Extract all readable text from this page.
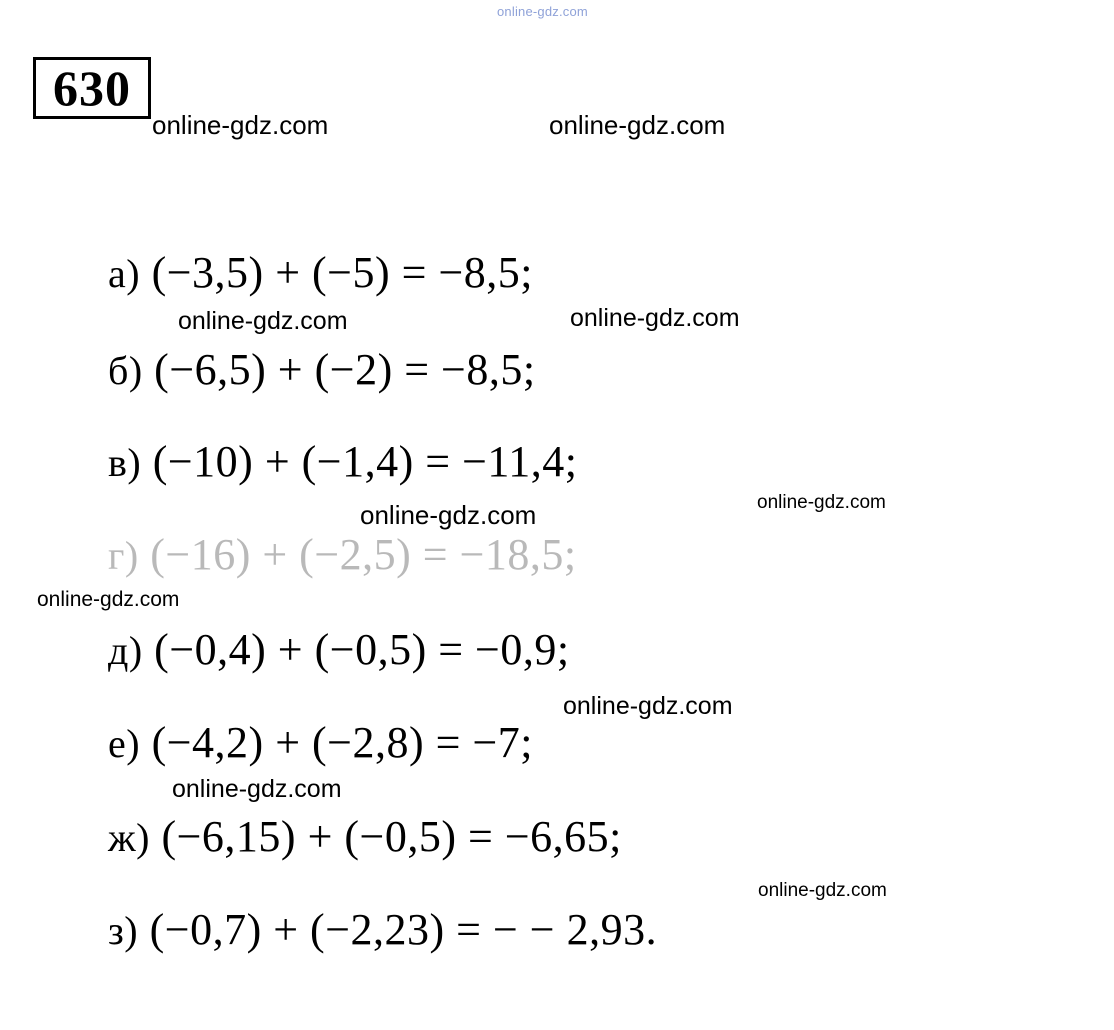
online-gdz.com
630
online-gdz.com	online-gdz.com
online-gdz.com	online-gdz.com
online-gdz.com	online-gdz.com
online-gdz.com
online-gdz.com
online-gdz.com
online-gdz.com
а) (−3,5) + (−5) = −8,5;
б) (−6,5) + (−2) = −8,5;
в) (−10) + (−1,4) = −11,4;
г) (−16) + (−2,5) = −18,5;
д) (−0,4) + (−0,5) = −0,9;
е) (−4,2) + (−2,8) = −7;
ж) (−6,15) + (−0,5) = −6,65;
з) (−0,7) + (−2,23) = − − 2,93.
